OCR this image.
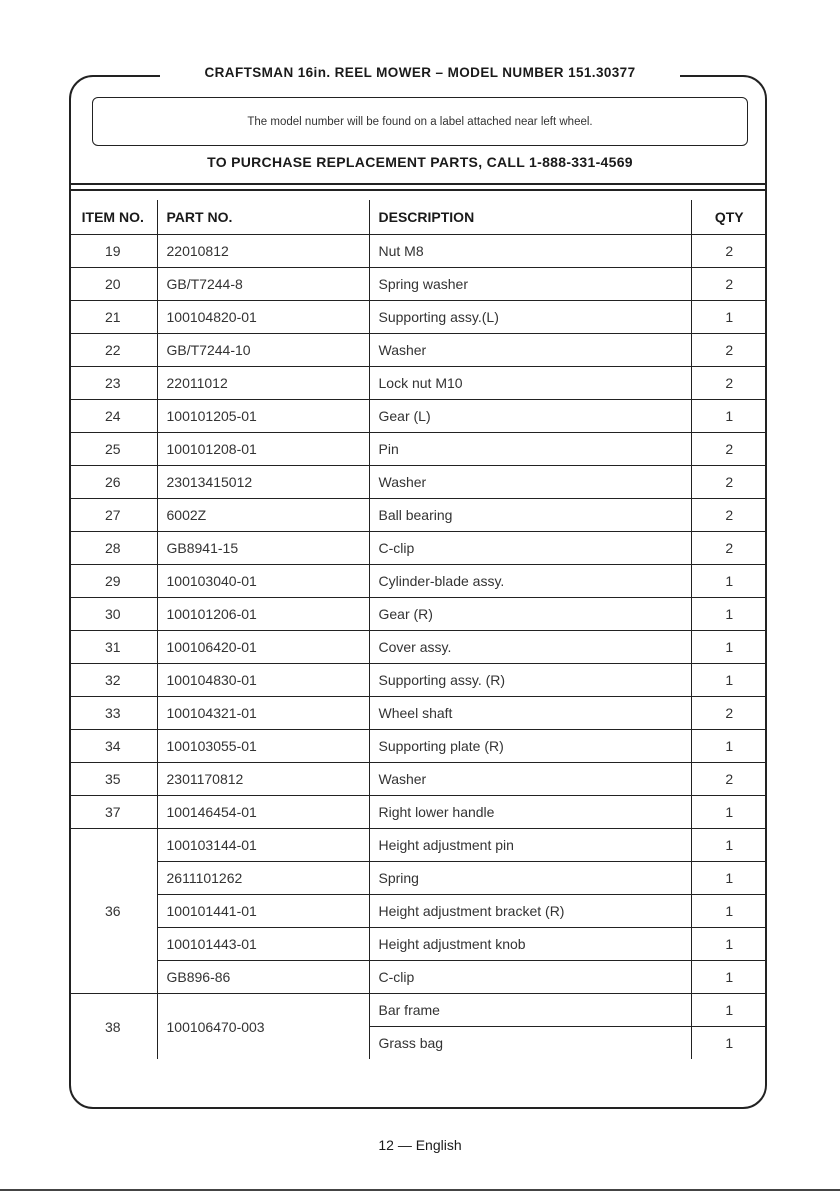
CRAFTSMAN 16in. REEL MOWER – MODEL NUMBER 151.30377
The model number will be found on a label attached near left wheel.
TO PURCHASE REPLACEMENT PARTS, CALL 1-888-331-4569
ITEM NO.	PART NO.	DESCRIPTION	QTY
19	22010812	Nut M8	2
20	GB/T7244-8	Spring washer	2
21	100104820-01	Supporting assy.(L)	1
22	GB/T7244-10	Washer	2
23	22011012	Lock nut M10	2
24	100101205-01	Gear (L)	1
25	100101208-01	Pin	2
26	23013415012	Washer	2
27	6002Z	Ball bearing	2
28	GB8941-15	C-clip	2
29	100103040-01	Cylinder-blade assy.	1
30	100101206-01	Gear (R)	1
31	100106420-01	Cover assy.	1
32	100104830-01	Supporting assy. (R)	1
33	100104321-01	Wheel shaft	2
34	100103055-01	Supporting plate (R)	1
35	2301170812	Washer	2
37	100146454-01	Right lower handle	1
36	100103144-01	Height adjustment pin	1
	2611101262	Spring	1
	100101441-01	Height adjustment bracket (R)	1
	100101443-01	Height adjustment knob	1
	GB896-86	C-clip	1
38	100106470-003	Bar frame	1
		Grass bag	1
12 — English
